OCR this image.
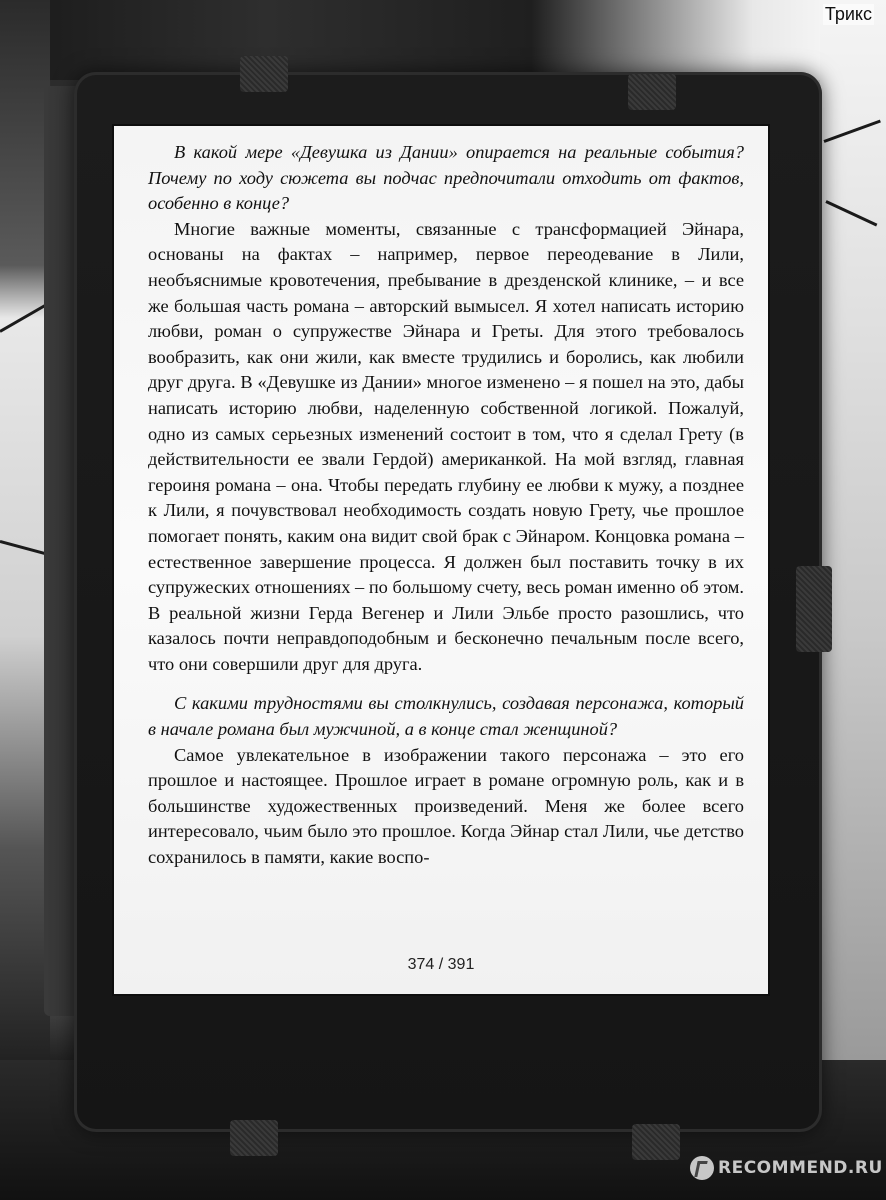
Трикс

В какой мере «Девушка из Дании» опирается на реальные события? Почему по ходу сюжета вы подчас предпочитали отходить от фактов, особенно в конце?

Многие важные моменты, связанные с трансформацией Эйнара, основаны на фактах – например, первое переодевание в Лили, необъяснимые кровотечения, пребывание в дрезденской клинике, – и все же большая часть романа – авторский вымысел. Я хотел написать историю любви, роман о супружестве Эйнара и Греты. Для этого требовалось вообразить, как они жили, как вместе трудились и боролись, как любили друг друга. В «Девушке из Дании» многое изменено – я пошел на это, дабы написать историю любви, наделенную собственной логикой. Пожалуй, одно из самых серьезных изменений состоит в том, что я сделал Грету (в действительности ее звали Гердой) американкой. На мой взгляд, главная героиня романа – она. Чтобы передать глубину ее любви к мужу, а позднее к Лили, я почувствовал необходимость создать новую Грету, чье прошлое помогает понять, каким она видит свой брак с Эйнаром. Концовка романа – естественное завершение процесса. Я должен был поставить точку в их супружеских отношениях – по большому счету, весь роман именно об этом. В реальной жизни Герда Вегенер и Лили Эльбе просто разошлись, что казалось почти неправдоподобным и бесконечно печальным после всего, что они совершили друг для друга.

С какими трудностями вы столкнулись, создавая персонажа, который в начале романа был мужчиной, а в конце стал женщиной?

Самое увлекательное в изображении такого персонажа – это его прошлое и настоящее. Прошлое играет в романе огромную роль, как и в большинстве художественных произведений. Меня же более всего интересовало, чьим было это прошлое. Когда Эйнар стал Лили, чье детство сохранилось в памяти, какие воспо-

374 / 391
RECOMMEND.RU
